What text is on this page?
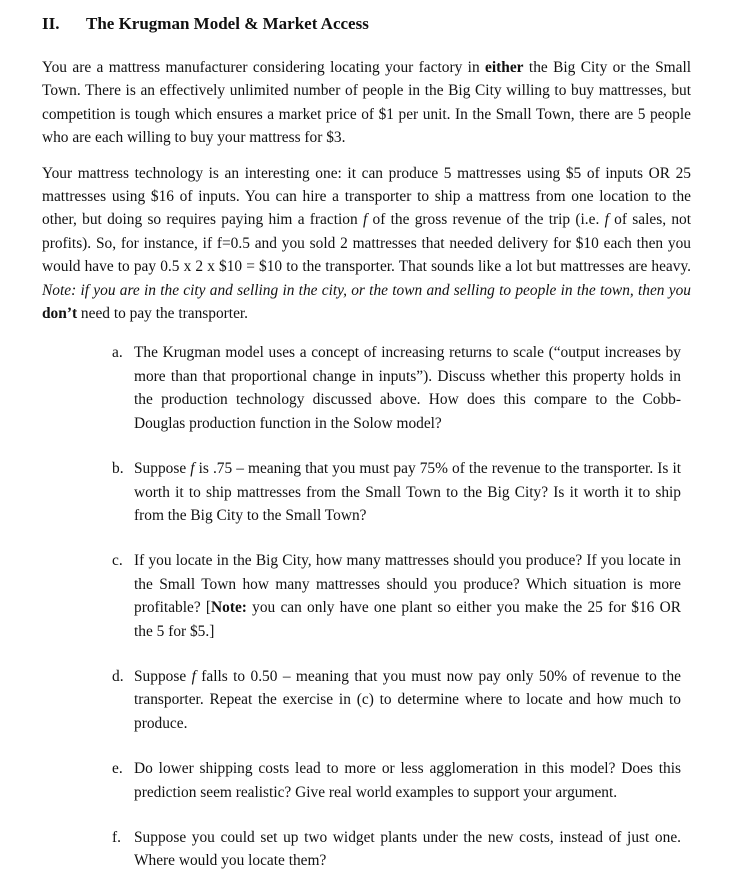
II.	The Krugman Model & Market Access

You are a mattress manufacturer considering locating your factory in either the Big City or the Small Town. There is an effectively unlimited number of people in the Big City willing to buy mattresses, but competition is tough which ensures a market price of $1 per unit. In the Small Town, there are 5 people who are each willing to buy your mattress for $3.

Your mattress technology is an interesting one: it can produce 5 mattresses using $5 of inputs OR 25 mattresses using $16 of inputs. You can hire a transporter to ship a mattress from one location to the other, but doing so requires paying him a fraction f of the gross revenue of the trip (i.e. f of sales, not profits). So, for instance, if f=0.5 and you sold 2 mattresses that needed delivery for $10 each then you would have to pay 0.5 x 2 x $10 = $10 to the transporter. That sounds like a lot but mattresses are heavy. Note: if you are in the city and selling in the city, or the town and selling to people in the town, then you don’t need to pay the transporter.

a. The Krugman model uses a concept of increasing returns to scale (“output increases by more than that proportional change in inputs”). Discuss whether this property holds in the production technology discussed above. How does this compare to the Cobb-Douglas production function in the Solow model?
b. Suppose f is .75 – meaning that you must pay 75% of the revenue to the transporter. Is it worth it to ship mattresses from the Small Town to the Big City? Is it worth it to ship from the Big City to the Small Town?
c. If you locate in the Big City, how many mattresses should you produce? If you locate in the Small Town how many mattresses should you produce? Which situation is more profitable? [Note: you can only have one plant so either you make the 25 for $16 OR the 5 for $5.]
d. Suppose f falls to 0.50 – meaning that you must now pay only 50% of revenue to the transporter. Repeat the exercise in (c) to determine where to locate and how much to produce.
e. Do lower shipping costs lead to more or less agglomeration in this model? Does this prediction seem realistic? Give real world examples to support your argument.
f. Suppose you could set up two widget plants under the new costs, instead of just one. Where would you locate them?
